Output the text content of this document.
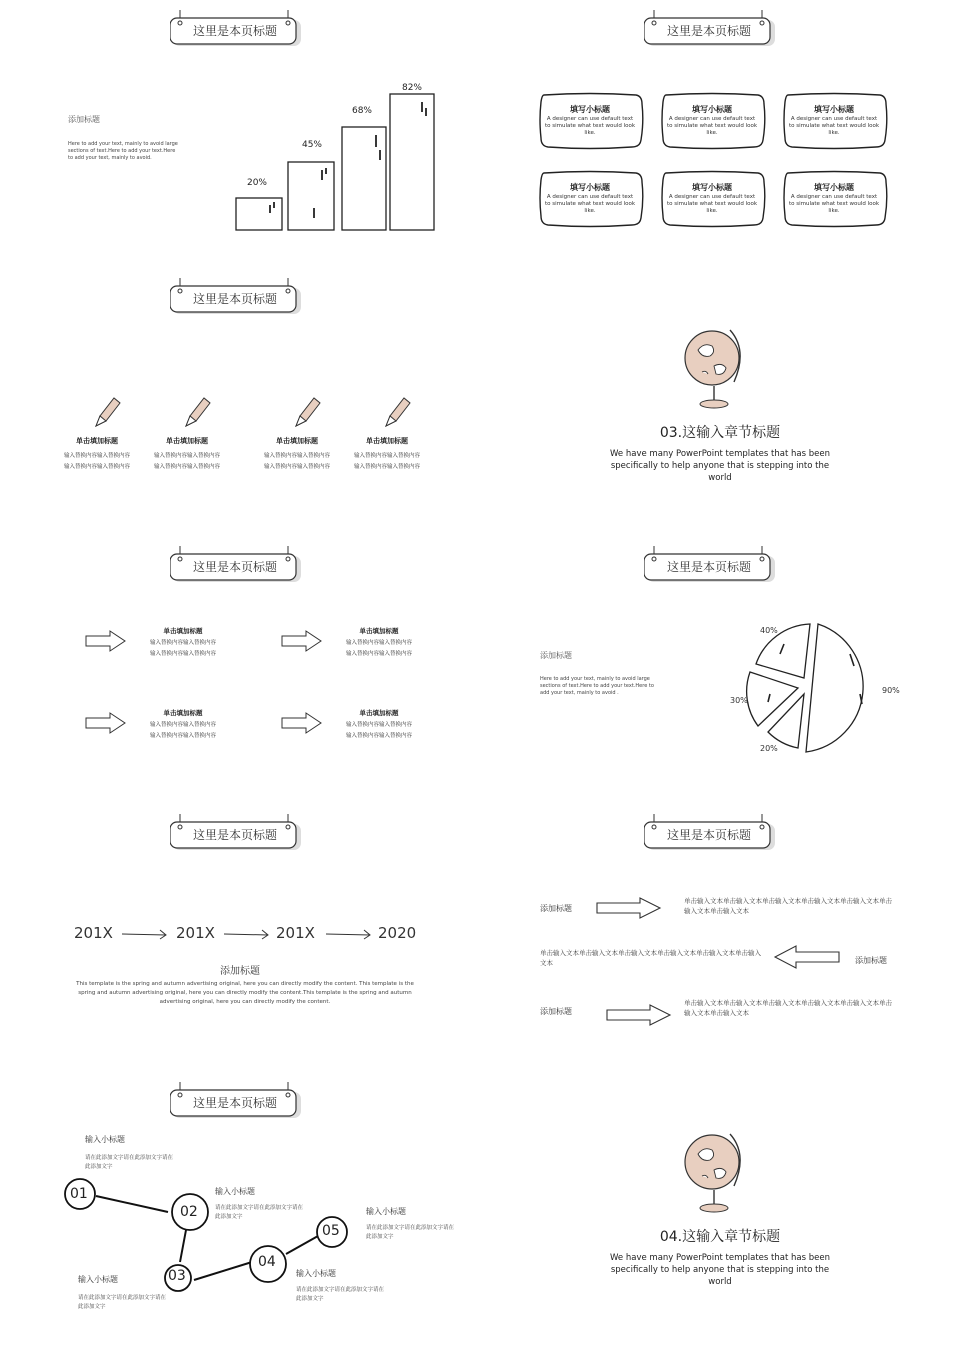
这里是本页标题
添加标题
Here to add your text, mainly to avoid large sections of text.Here to add your text.Here to add your text, mainly to avoid.
20%
45%
68%
82%
这里是本页标题
填写小标题
A designer can use default text to simulate what text would look like.
填写小标题
A designer can use default text to simulate what text would look like.
填写小标题
A designer can use default text to simulate what text would look like.
填写小标题
A designer can use default text to simulate what text would look like.
填写小标题
A designer can use default text to simulate what text would look like.
填写小标题
A designer can use default text to simulate what text would look like.
这里是本页标题
单击填加标题
输入替换内容输入替换内容
输入替换内容输入替换内容
单击填加标题
输入替换内容输入替换内容
输入替换内容输入替换内容
单击填加标题
输入替换内容输入替换内容
输入替换内容输入替换内容
单击填加标题
输入替换内容输入替换内容
输入替换内容输入替换内容
03.这输入章节标题
We have many PowerPoint templates that has been specifically to help anyone that is stepping into the world
这里是本页标题
单击填加标题
输入替换内容输入替换内容
输入替换内容输入替换内容
单击填加标题
输入替换内容输入替换内容
输入替换内容输入替换内容
单击填加标题
输入替换内容输入替换内容
输入替换内容输入替换内容
单击填加标题
输入替换内容输入替换内容
输入替换内容输入替换内容
这里是本页标题
添加标题
Here to add your text, mainly to avoid large sections of text.Here to add your text.Here to add your text, mainly to avoid .
40%
90%
30%
20%
这里是本页标题
201X	201X	201X	2020
添加标题
This template is the spring and autumn advertising original, here you can directly modify the content. This template is the spring and autumn advertising original, here you can directly modify the content.This template is the spring and autumn advertising original, here you can directly modify the content.
这里是本页标题
添加标题
单击输入文本单击输入文本单击输入文本单击输入文本单击输入文本单击输入文本单击输入文本
单击输入文本单击输入文本单击输入文本单击输入文本单击输入文本单击输入文本	添加标题
添加标题
单击输入文本单击输入文本单击输入文本单击输入文本单击输入文本单击输入文本单击输入文本
这里是本页标题
01
02
03
04
05
输入小标题
请在此添加文字请在此添加文字请在此添加文字
输入小标题
请在此添加文字请在此添加文字请在此添加文字
输入小标题
请在此添加文字请在此添加文字请在此添加文字
输入小标题
请在此添加文字请在此添加文字请在此添加文字
输入小标题
请在此添加文字请在此添加文字请在此添加文字
04.这输入章节标题
We have many PowerPoint templates that has been specifically to help anyone that is stepping into the world
